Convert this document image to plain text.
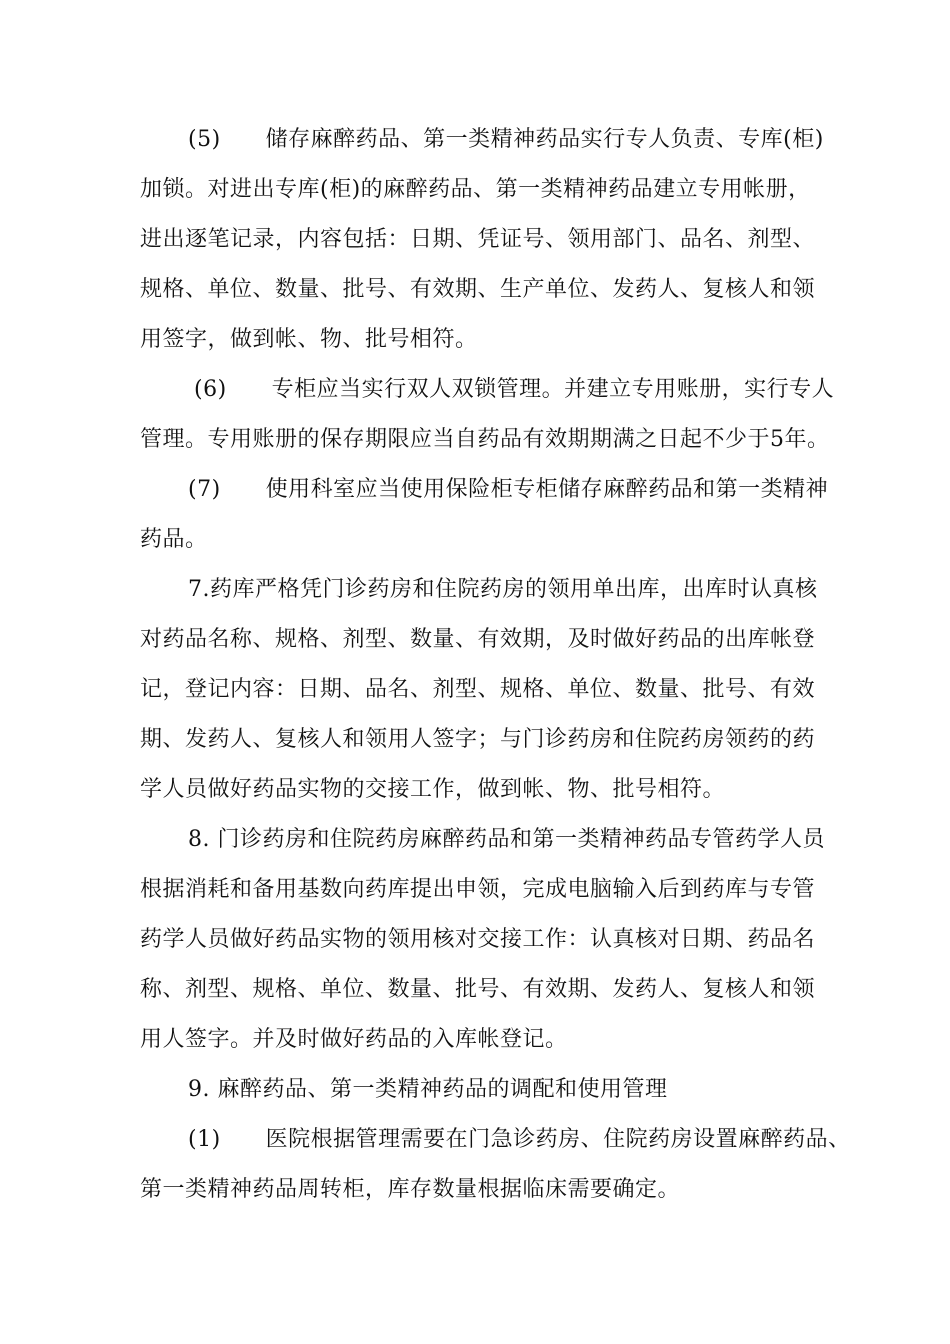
(5)　　储存麻醉药品、第一类精神药品实行专人负责、专库(柜)
加锁。对进出专库(柜)的麻醉药品、第一类精神药品建立专用帐册，
进出逐笔记录，内容包括：日期、凭证号、领用部门、品名、剂型、
规格、单位、数量、批号、有效期、生产单位、发药人、复核人和领
用签字，做到帐、物、批号相符。
(6)　　专柜应当实行双人双锁管理。并建立专用账册，实行专人
管理。专用账册的保存期限应当自药品有效期期满之日起不少于5年。
(7)　　使用科室应当使用保险柜专柜储存麻醉药品和第一类精神
药品。
7.药库严格凭门诊药房和住院药房的领用单出库，出库时认真核
对药品名称、规格、剂型、数量、有效期，及时做好药品的出库帐登
记，登记内容：日期、品名、剂型、规格、单位、数量、批号、有效
期、发药人、复核人和领用人签字；与门诊药房和住院药房领药的药
学人员做好药品实物的交接工作，做到帐、物、批号相符。
8. 门诊药房和住院药房麻醉药品和第一类精神药品专管药学人员
根据消耗和备用基数向药库提出申领，完成电脑输入后到药库与专管
药学人员做好药品实物的领用核对交接工作：认真核对日期、药品名
称、剂型、规格、单位、数量、批号、有效期、发药人、复核人和领
用人签字。并及时做好药品的入库帐登记。
9. 麻醉药品、第一类精神药品的调配和使用管理
(1)　　医院根据管理需要在门急诊药房、住院药房设置麻醉药品、
第一类精神药品周转柜，库存数量根据临床需要确定。
